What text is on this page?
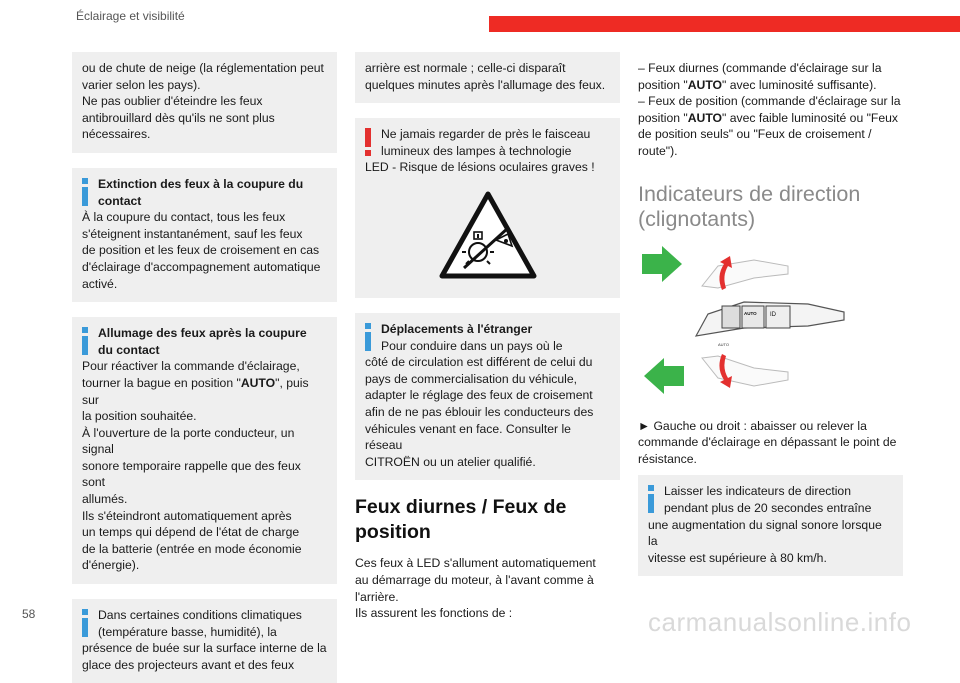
Éclairage et visibilité

ou de chute de neige (la réglementation peut

varier selon les pays).

Ne pas oublier d'éteindre les feux

antibrouillard dès qu'ils ne sont plus

nécessaires.

Extinction des feux à la coupure du
contact

À la coupure du contact, tous les feux

s'éteignent instantanément, sauf les feux

de position et les feux de croisement en cas

d'éclairage d'accompagnement automatique

activé.

Allumage des feux après la coupure
du contact

Pour réactiver la commande d'éclairage,

tourner la bague en position "AUTO", puis sur

la position souhaitée.

À l'ouverture de la porte conducteur, un signal

sonore temporaire rappelle que des feux sont

allumés.

Ils s'éteindront automatiquement après

un temps qui dépend de l'état de charge

de la batterie (entrée en mode économie

d'énergie).

Dans certaines conditions climatiques
(température basse, humidité), la

présence de buée sur la surface interne de la

glace des projecteurs avant et des feux

arrière est normale ; celle-ci disparaît

quelques minutes après l'allumage des feux.

Ne jamais regarder de près le faisceau
lumineux des lampes à technologie

LED - Risque de lésions oculaires graves !

Déplacements à l'étranger
Pour conduire dans un pays où le

côté de circulation est différent de celui du

pays de commercialisation du véhicule,

adapter le réglage des feux de croisement

afin de ne pas éblouir les conducteurs des

véhicules venant en face. Consulter le réseau

CITROËN ou un atelier qualifié.

Feux diurnes / Feux de position

Ces feux à LED s'allument automatiquement

au démarrage du moteur, à l'avant comme à

l'arrière.

Ils assurent les fonctions de :

– Feux diurnes (commande d'éclairage sur la

position "AUTO" avec luminosité suffisante).

– Feux de position (commande d'éclairage sur la

position "AUTO" avec faible luminosité ou "Feux

de position seuls" ou "Feux de croisement /

route").

Indicateurs de direction (clignotants)
AUTO ID
AUTO

► Gauche ou droit : abaisser ou relever la

commande d'éclairage en dépassant le point de

résistance.

Laisser les indicateurs de direction
pendant plus de 20 secondes entraîne

une augmentation du signal sonore lorsque la

vitesse est supérieure à 80 km/h.

58	carmanualsonline.info
